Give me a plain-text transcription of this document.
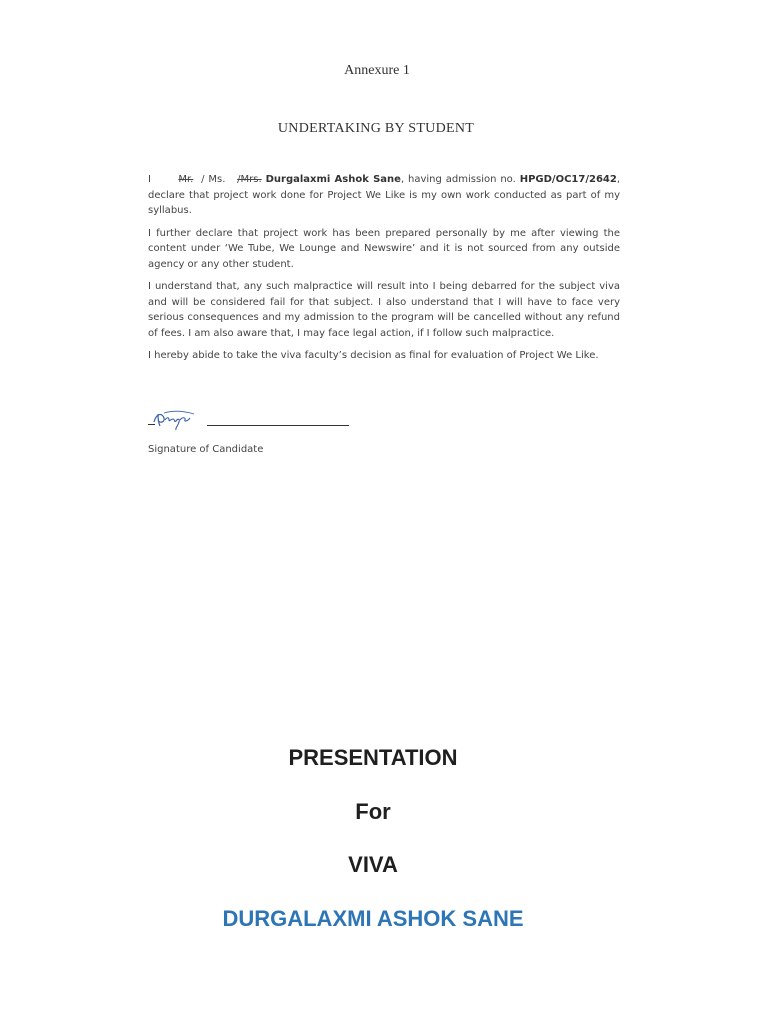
Annexure 1
UNDERTAKING BY STUDENT

I	Mr. / Ms. /Mrs. Durgalaxmi Ashok Sane, having admission no. HPGD/OC17/2642, declare that project work done for Project We Like is my own work conducted as part of my syllabus.

I further declare that project work has been prepared personally by me after viewing the content under ‘We Tube, We Lounge and Newswire’ and it is not sourced from any outside agency or any other student.

I understand that, any such malpractice will result into I being debarred for the subject viva and will be considered fail for that subject. I also understand that I will have to face very serious consequences and my admission to the program will be cancelled without any refund of fees. I am also aware that, I may face legal action, if I follow such malpractice.

I hereby abide to take the viva faculty’s decision as final for evaluation of Project We Like.

Signature of Candidate
PRESENTATION
For
VIVA
DURGALAXMI ASHOK SANE
